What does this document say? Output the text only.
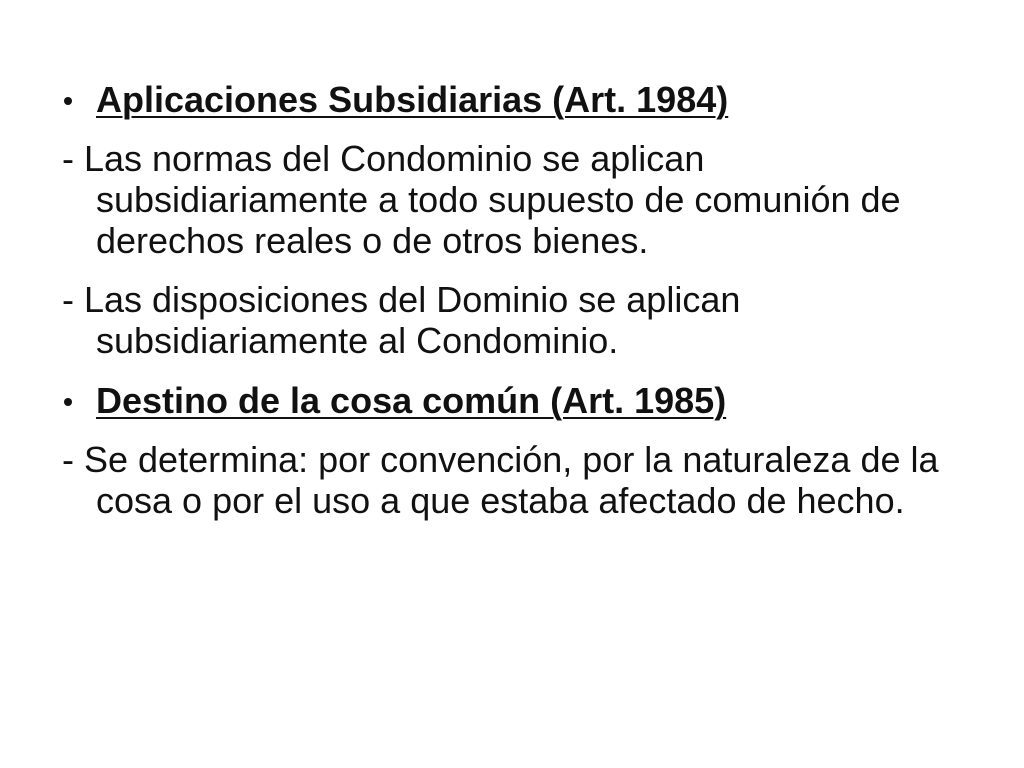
Aplicaciones Subsidiarias (Art. 1984)
- Las normas del Condominio se aplican subsidiariamente a todo supuesto de comunión de derechos reales o de otros bienes.
- Las disposiciones del Dominio se aplican subsidiariamente al Condominio.
Destino de la cosa común (Art. 1985)
- Se determina: por convención, por la naturaleza de la cosa o por el uso a que estaba afectado de hecho.
